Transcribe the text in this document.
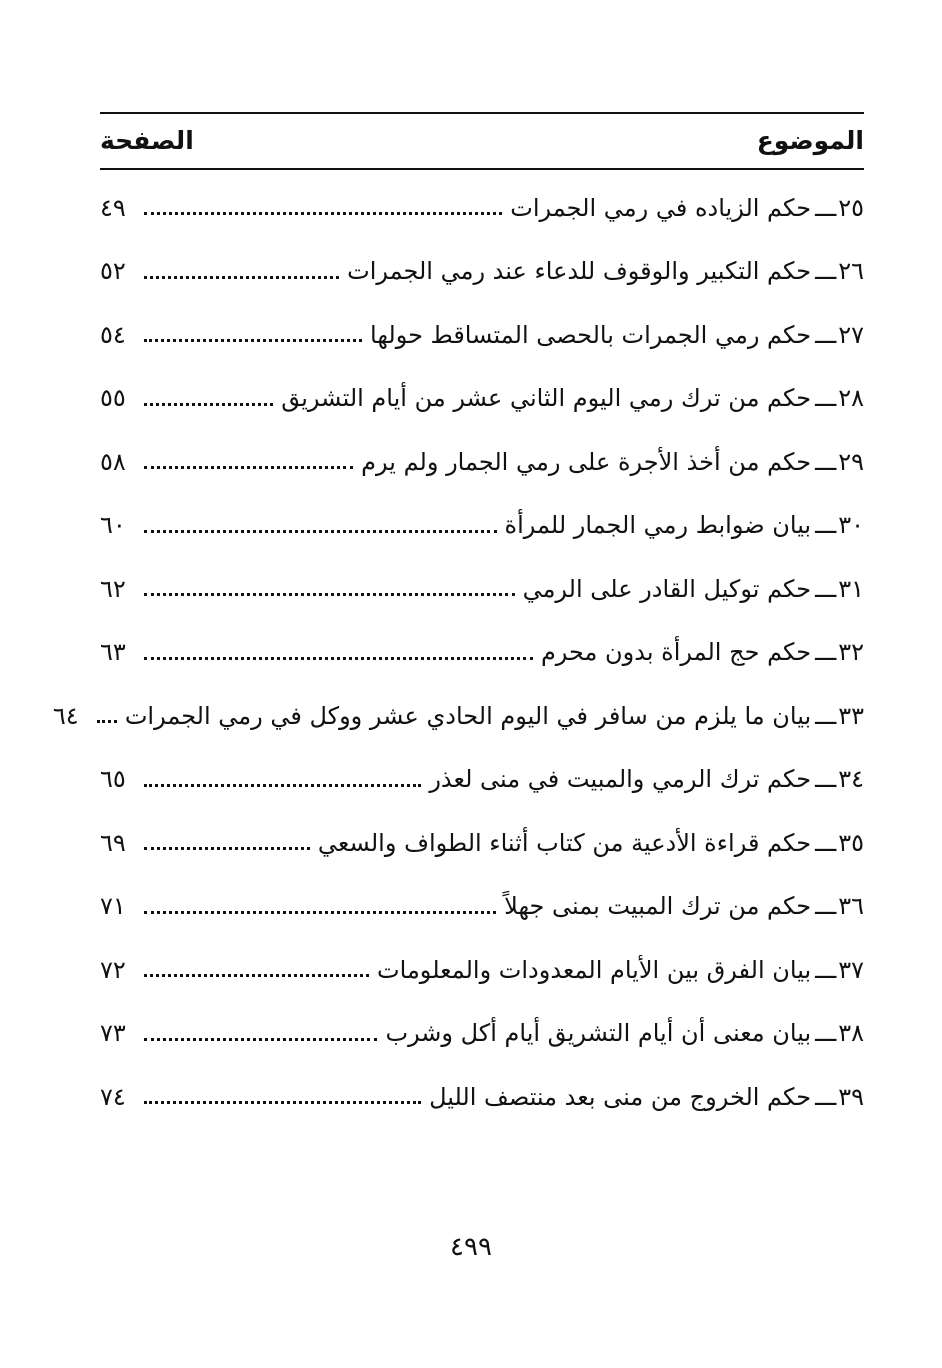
الموضوع
الصفحة
٢٥
ـــ
حكم الزياده في رمي الجمرات
٤٩
٢٦
ـــ
حكم التكبير والوقوف للدعاء عند رمي الجمرات
٥٢
٢٧
ـــ
حكم رمي الجمرات بالحصى المتساقط حولها
٥٤
٢٨
ـــ
حكم من ترك رمي اليوم الثاني عشر من أيام التشريق
٥٥
٢٩
ـــ
حكم من أخذ الأجرة على رمي الجمار ولم يرم
٥٨
٣٠
ـــ
بيان ضوابط رمي الجمار للمرأة
٦٠
٣١
ـــ
حكم توكيل القادر على الرمي
٦٢
٣٢
ـــ
حكم حج المرأة بدون محرم
٦٣
٣٣
ـــ
بيان ما يلزم من سافر في اليوم الحادي عشر ووكل في رمي الجمرات
٦٤
٣٤
ـــ
حكم ترك الرمي والمبيت في منى لعذر
٦٥
٣٥
ـــ
حكم قراءة الأدعية من كتاب أثناء الطواف والسعي
٦٩
٣٦
ـــ
حكم من ترك المبيت بمنى جهلاً
٧١
٣٧
ـــ
بيان الفرق بين الأيام المعدودات والمعلومات
٧٢
٣٨
ـــ
بيان معنى أن أيام التشريق أيام أكل وشرب
٧٣
٣٩
ـــ
حكم الخروج من منى بعد منتصف الليل
٧٤
٤٩٩
